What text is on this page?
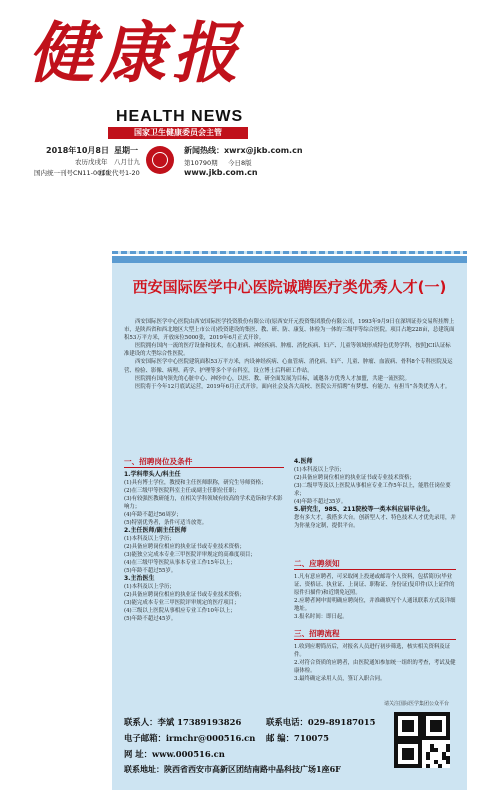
健康报
HEALTH NEWS
国家卫生健康委员会主管
2018年10月8日 星期一
农历戊戌年 八月廿九
国内统一刊号CN11-0010
邮发代号1-20
新闻热线：xwrx@jkb.com.cn
第10790期 今日8版
www.jkb.com.cn
西安国际医学中心医院诚聘医疗类优秀人才(一)

西安国际医学中心医院由西安国际医学投资股份有限公司(原西安开元投资集团股份有限公司，1993年9月9日在深圳证券交易所挂牌上市，是陕西省和西北地区大型上市公司)投资建设的集医、教、研、防、康复、体检为一体的三级甲等综合医院。项目占地228亩，总建筑面积53万平方米，开放床位5000张，2019年6月正式开诊。

医院拥有国内一流的医疗设备和技术，在心脏病、神经疾病、肿瘤、消化疾病、妇产、儿童等领域形成特色优势学科，按照JCI认证标准建设的大型综合性医院。

西安国际医学中心医院建筑面积53万平方米，内设神经疾病、心血管病、消化病、妇产、儿童、肿瘤、血液病、骨科8个专科医院及运营、检验、影像、病理、药学、护理等多个平台科室，设立博士后科研工作站。

医院拥有国内领先的心脏中心、神经中心，以医、教、研全面发展为目标，诚邀各方优秀人才加盟，共建一流医院。

医院将于今年12月底试运营，2019年6月正式开诊。面向社会及各大高校、医院公开招聘“有梦想、有能力、有担当”各类优秀人才。

一、招聘岗位及条件
1.学科带头人/科主任
(1)具有博士学位，教授和主任医师职称，研究生导师资格；
(2)在三级甲等医院科室主任或副主任职位任职；
(3)有较强医教研能力，在相关学科领域有较高的学术造诣和学术影响力；
(4)年龄不超过56周岁；
(5)特别优秀者，条件可适当放宽。
2.主任医师/副主任医师
(1)本科及以上学历；
(2)具备应聘岗位相应的执业证书或专业技术资格；
(3)能独立完成本专业三甲医院评审规定的高难度项目；
(4)在三级甲等医院从事本专业工作15年以上；
(5)年龄不超过55岁。
3.主治医生
(1)本科及以上学历；
(2)具备应聘岗位相应的执业证书或专业技术资格；
(3)能完成本专业三甲医院评审规定的医疗项目；
(4)三级以上医院从事相应专业工作10年以上；
(5)年龄不超过45岁。
4.医师
(1)本科及以上学历；
(2)具备应聘岗位相应的执业证书或专业技术资格；
(3)二级甲等及以上医院从事相应专业工作5年以上，能胜任岗位要求；
(4)年龄不超过35岁。
5.研究生，985、211院校等一类本科应届毕业生。
您有多大才，我搭多大台。创新型人才、特色技术人才优先录用，并为你量身定制，提供平台。
二、应聘须知
1.凡有意应聘者，可采取网上投递或邮寄个人资料，包括简历(毕业证、资格证、执业证、上岗证、职称证、身份证)复印件(以上证件的原件扫描件)和近期免冠照。
2.应聘者网申需明确应聘岗位，并准确填写个人通讯联系方式及详细地址。
3.报名时间：即日起。
三、招聘流程
1.收到应聘简历后，对报名人员进行初步筛选，核实相关资料及证件。
2.对符合资质的应聘者，由医院通知参加统一组织的考查，考试及健康体检。
3.最终确定录用人员，签订入职合同。
请关注国际医学集团公众平台
联系人：李斌 17389193826	联系电话：029-89187015
电子邮箱：irmchr@000516.cn 邮 编：710075
网 址：www.000516.cn
联系地址：陕西省西安市高新区团结南路中晶科技广场1座6F
